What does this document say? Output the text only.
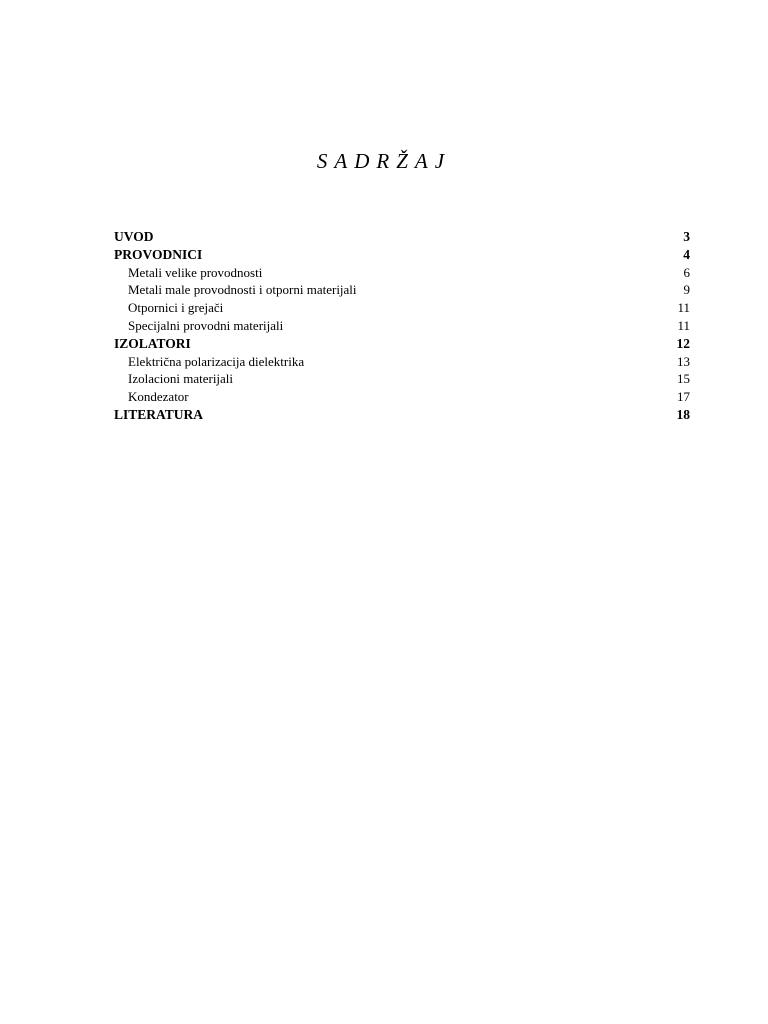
SADRŽAJ
UVOD	3
PROVODNICI	4
Metali velike provodnosti	6
Metali male provodnosti i otporni materijali	9
Otpornici i grejači	11
Specijalni provodni materijali	11
IZOLATORI	12
Električna polarizacija dielektrika	13
Izolacioni materijali	15
Kondezator	17
LITERATURA	18
